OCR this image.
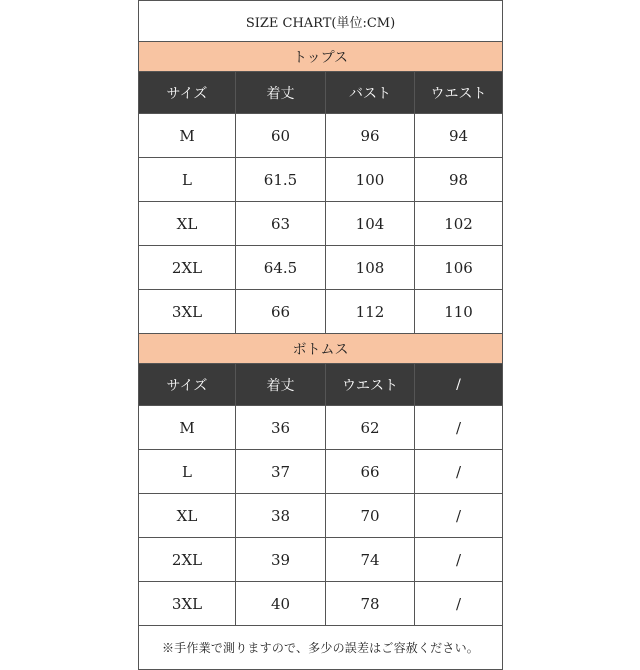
SIZE CHART(単位:CM)			
トップス			
サイズ	着丈	バスト	ウエスト
M	60	96	94
L	61.5	100	98
XL	63	104	102
2XL	64.5	108	106
3XL	66	112	110
ボトムス			
サイズ	着丈	ウエスト	/
M	36	62	/
L	37	66	/
XL	38	70	/
2XL	39	74	/
3XL	40	78	/
※手作業で測りますので、多少の誤差はご容赦ください。			
